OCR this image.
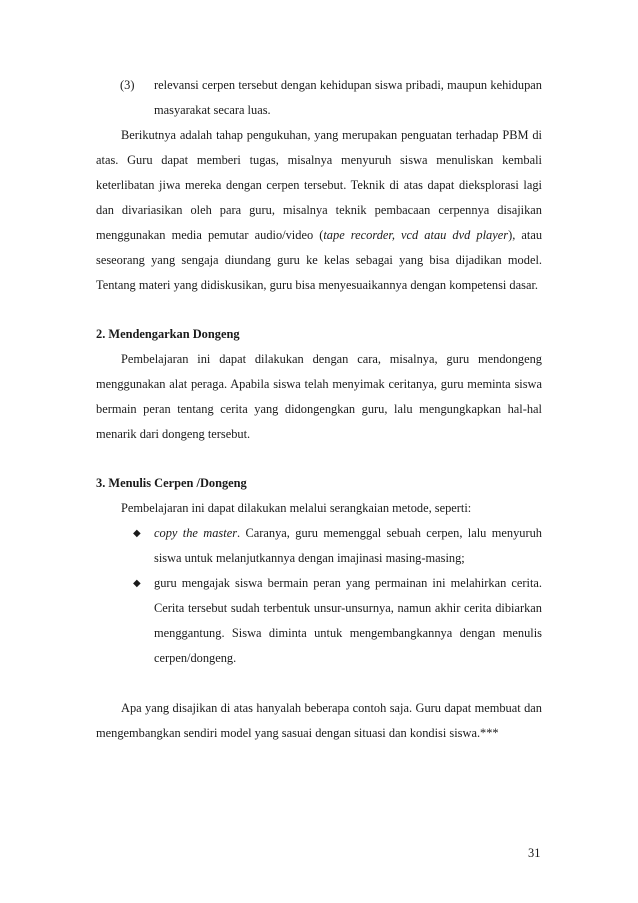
(3)	relevansi cerpen tersebut dengan kehidupan siswa pribadi, maupun kehidupan masyarakat secara luas.

Berikutnya adalah tahap pengukuhan, yang merupakan penguatan terhadap PBM di atas. Guru dapat memberi tugas, misalnya menyuruh siswa menuliskan kembali keterlibatan jiwa mereka dengan cerpen tersebut. Teknik di atas dapat dieksplorasi lagi dan divariasikan oleh para guru, misalnya teknik pembacaan cerpennya disajikan menggunakan media pemutar audio/video (tape recorder, vcd atau dvd player), atau seseorang yang sengaja diundang guru ke kelas sebagai yang bisa dijadikan model. Tentang materi yang didiskusikan, guru bisa menyesuaikannya dengan kompetensi dasar.

2. Mendengarkan Dongeng

Pembelajaran ini dapat dilakukan dengan cara, misalnya, guru mendongeng menggunakan alat peraga. Apabila siswa telah menyimak ceritanya, guru meminta siswa bermain peran tentang cerita yang didongengkan guru, lalu mengungkapkan hal-hal menarik dari dongeng tersebut.

3. Menulis Cerpen /Dongeng

Pembelajaran ini dapat dilakukan melalui serangkaian metode, seperti:

◆	copy the master. Caranya, guru memenggal sebuah cerpen, lalu menyuruh siswa untuk melanjutkannya dengan imajinasi masing-masing;
◆	guru mengajak siswa bermain peran yang permainan ini melahirkan cerita. Cerita tersebut sudah terbentuk unsur-unsurnya, namun akhir cerita dibiarkan menggantung. Siswa diminta untuk mengembangkannya dengan menulis cerpen/dongeng.

Apa yang disajikan di atas hanyalah beberapa contoh saja. Guru dapat membuat dan mengembangkan sendiri model yang sasuai dengan situasi dan kondisi siswa.***

31
